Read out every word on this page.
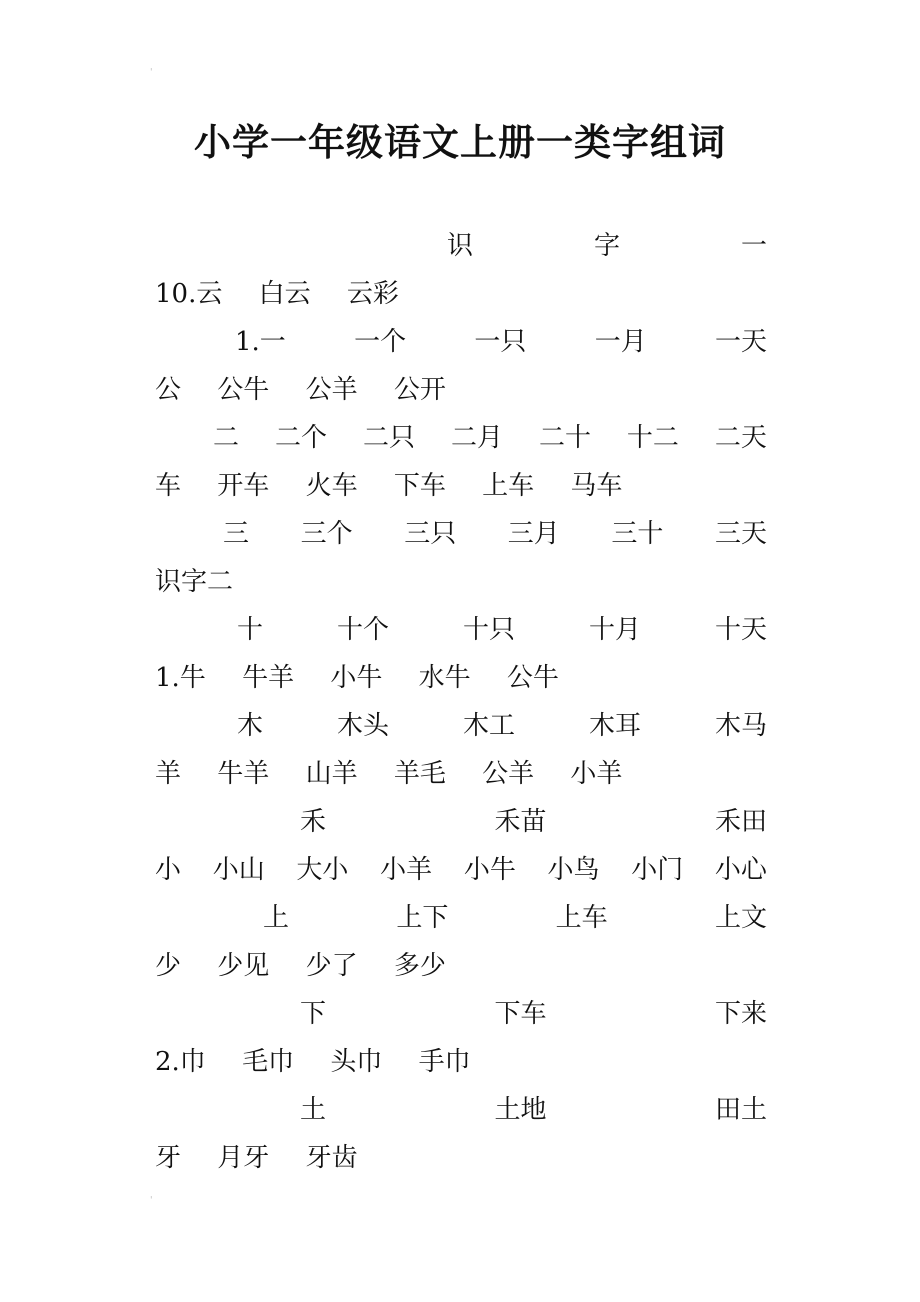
小学一年级语文上册一类字组词
'
识	字	一
10.云 白云 云彩
1.一	一个	一只	一月	一天
公 公牛 公羊 公开
二 二个 二只 二月 二十 十二 二天
车 开车 火车 下车 上车 马车
三 三个 三只 三月 三十 三天
识字二
十	十个	十只	十月	十天
1.牛 牛羊 小牛 水牛 公牛
木	木头	木工	木耳	木马
羊 牛羊 山羊 羊毛 公羊 小羊
禾	禾苗	禾田
小 小山 大小 小羊 小牛 小鸟 小门 小心
上	上下	上车	上文
少 少见 少了 多少
下	下车	下来
2.巾 毛巾 头巾 手巾
土	土地	田土
牙 月牙 牙齿
'
